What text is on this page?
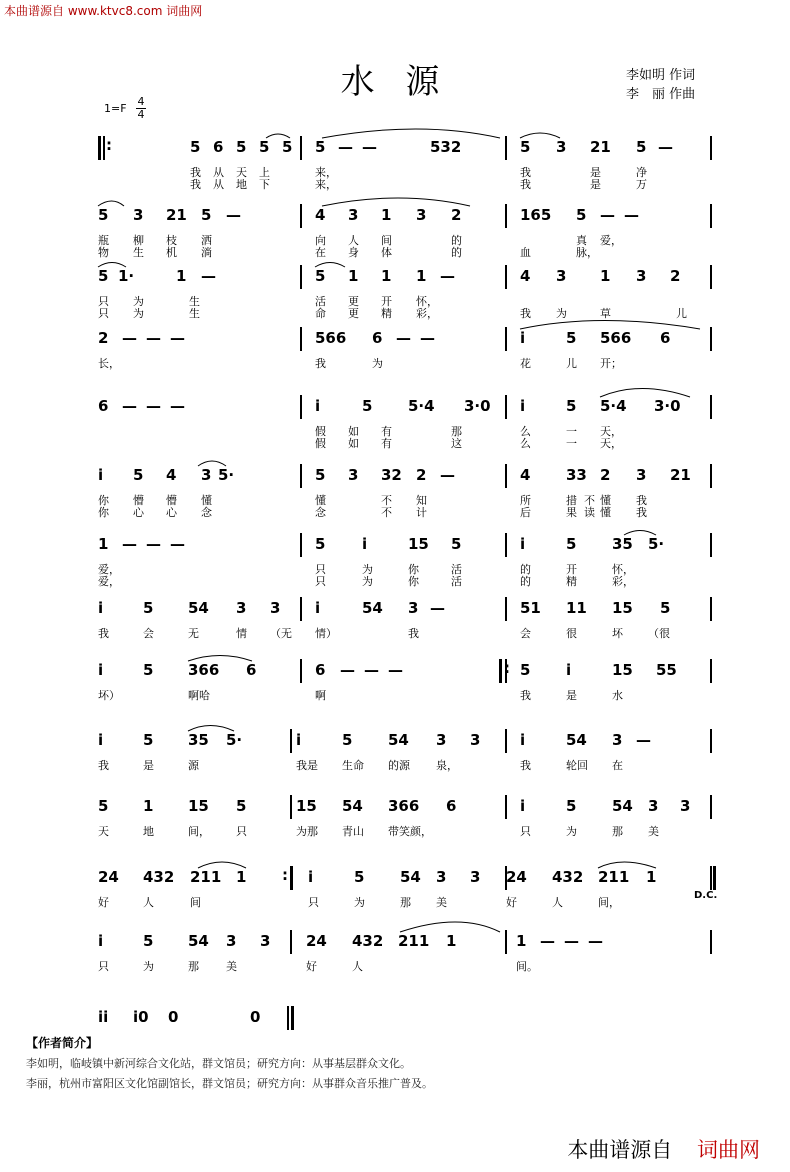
本曲谱源自 www.ktvc8.com 词曲网
水 源	李如明 作词
李　丽 作曲
1=F
4
4
5 6 5 5 5 5 — —	532	5 3 21 5 —
我 从 天 上	来，	我	是	净
我 从 地 下	来，	我	是	万
:
5 3 21 5 —	4 3 1 3 2	165 5 — —
瓶 柳 枝 洒	向 人 间	的	真 爱，
物 生 机 淌	在 身 体	的	血	脉，
5 1·	1 —	5 1 1 1 —	4 3 1 3 2
只 为	生	活 更 开 怀，
只 为	生	命 更 精 彩，	我 为	草	儿
2 — — —	566 6 — —	i	5 566 6
长，	我	为	花	儿 开；
6 — — —	i	5 5·4 3·0 i	5 5·4 3·0
假 如 有	那	么	一 天，
假 如 有	这	么	一 天，
i 5 4 3 5·	5 3 32 2 —	4 33 2 3 21
你 懵 懵 懂	懂	不 知	所	措 不 懂 我
你 心 心 念	念	不 计	后	果 读 懂 我
1 — — —	5 i	15 5	i	5 35 5·
爱，	只	为	你	活	的	开	怀，
爱，	只	为	你	活	的	精	彩，
i	5 54 3 3 i	54 3 —	51 11 15 5
我	会	无	情 （无 情）	我	会	很	坏 （很
i	5 366 6	6 — — —	5 i	15 55
坏）	啊哈	啊	我	是	水
:
i	5 35 5·	i	5 54 3 3	i	54 3 —
我	是	源	我是 生命 的源 泉，	我	轮回 在
5 1 15 5	15 54 366 6	i	5 54 3 3
天	地	间， 只	为那 青山 带笑颜，	只	为	那 美
24 432 211 1	i	5 54 3 3 24 432 211 1
好	人	间	只	为	那 美	好	人	间，
:
D.C.
i	5 54 3 3 24 432 211 1	1 — — —
只	为	那 美	好	人	间。
ii i0 0	0
【作者简介】
李如明，临岐镇中新河综合文化站，群文馆员；研究方向：从事基层群众文化。
李丽，杭州市富阳区文化馆副馆长，群文馆员；研究方向：从事群众音乐推广普及。
本曲谱源自 词曲网
